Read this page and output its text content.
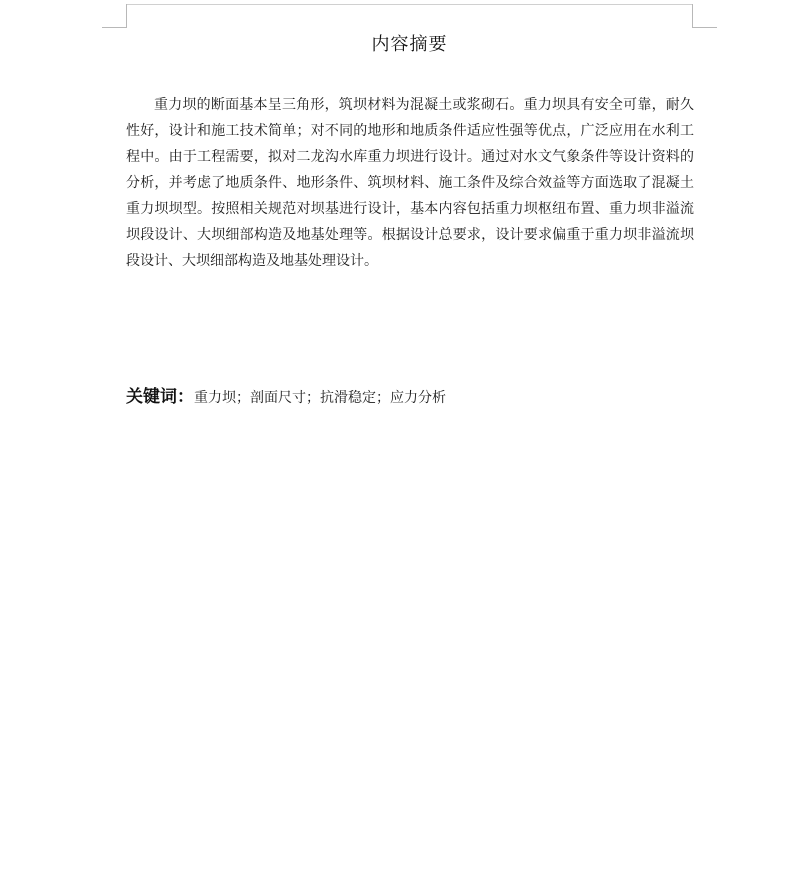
内容摘要

重力坝的断面基本呈三角形，筑坝材料为混凝土或浆砌石。重力坝具有安全可靠，耐久性好，设计和施工技术简单；对不同的地形和地质条件适应性强等优点，广泛应用在水利工程中。由于工程需要，拟对二龙沟水库重力坝进行设计。通过对水文气象条件等设计资料的分析，并考虑了地质条件、地形条件、筑坝材料、施工条件及综合效益等方面选取了混凝土重力坝坝型。按照相关规范对坝基进行设计，基本内容包括重力坝枢纽布置、重力坝非溢流坝段设计、大坝细部构造及地基处理等。根据设计总要求，设计要求偏重于重力坝非溢流坝段设计、大坝细部构造及地基处理设计。

关键词：重力坝；剖面尺寸；抗滑稳定；应力分析
